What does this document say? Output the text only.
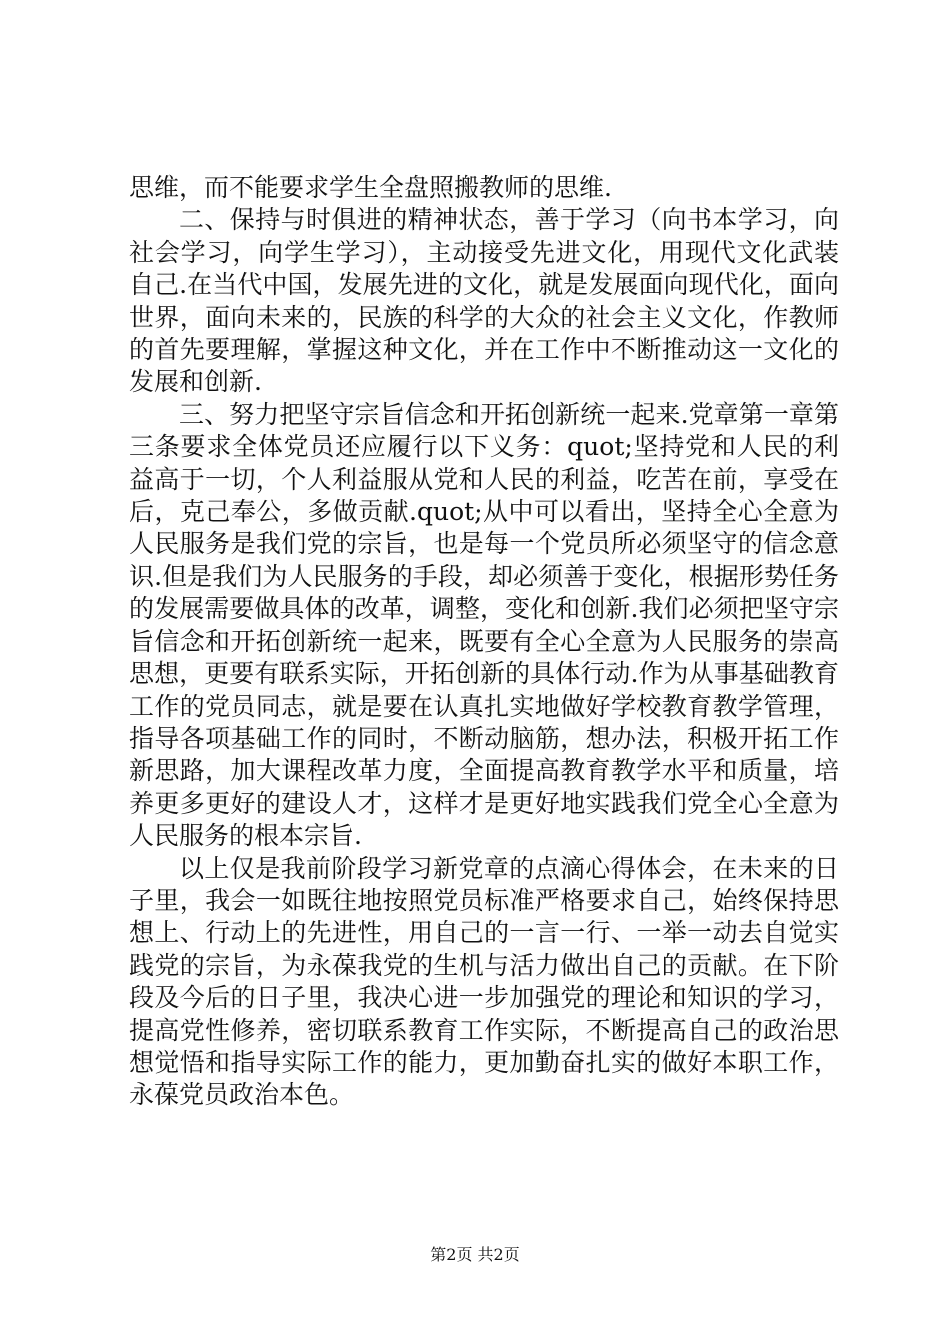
思维，而不能要求学生全盘照搬教师的思维.

二、保持与时俱进的精神状态，善于学习（向书本学习，向社会学习，向学生学习），主动接受先进文化，用现代文化武装自己.在当代中国，发展先进的文化，就是发展面向现代化，面向世界，面向未来的，民族的科学的大众的社会主义文化，作教师的首先要理解，掌握这种文化，并在工作中不断推动这一文化的发展和创新.

三、努力把坚守宗旨信念和开拓创新统一起来.党章第一章第三条要求全体党员还应履行以下义务：quot;坚持党和人民的利益高于一切，个人利益服从党和人民的利益，吃苦在前，享受在后，克己奉公，多做贡献.quot;从中可以看出，坚持全心全意为人民服务是我们党的宗旨，也是每一个党员所必须坚守的信念意识.但是我们为人民服务的手段，却必须善于变化，根据形势任务的发展需要做具体的改革，调整，变化和创新.我们必须把坚守宗旨信念和开拓创新统一起来，既要有全心全意为人民服务的崇高思想，更要有联系实际，开拓创新的具体行动.作为从事基础教育工作的党员同志，就是要在认真扎实地做好学校教育教学管理，指导各项基础工作的同时，不断动脑筋，想办法，积极开拓工作新思路，加大课程改革力度，全面提高教育教学水平和质量，培养更多更好的建设人才，这样才是更好地实践我们党全心全意为人民服务的根本宗旨.

以上仅是我前阶段学习新党章的点滴心得体会，在未来的日子里，我会一如既往地按照党员标准严格要求自己，始终保持思想上、行动上的先进性，用自己的一言一行、一举一动去自觉实践党的宗旨，为永葆我党的生机与活力做出自己的贡献。在下阶段及今后的日子里，我决心进一步加强党的理论和知识的学习，提高党性修养，密切联系教育工作实际，不断提高自己的政治思想觉悟和指导实际工作的能力，更加勤奋扎实的做好本职工作，永葆党员政治本色。

第2页 共2页
